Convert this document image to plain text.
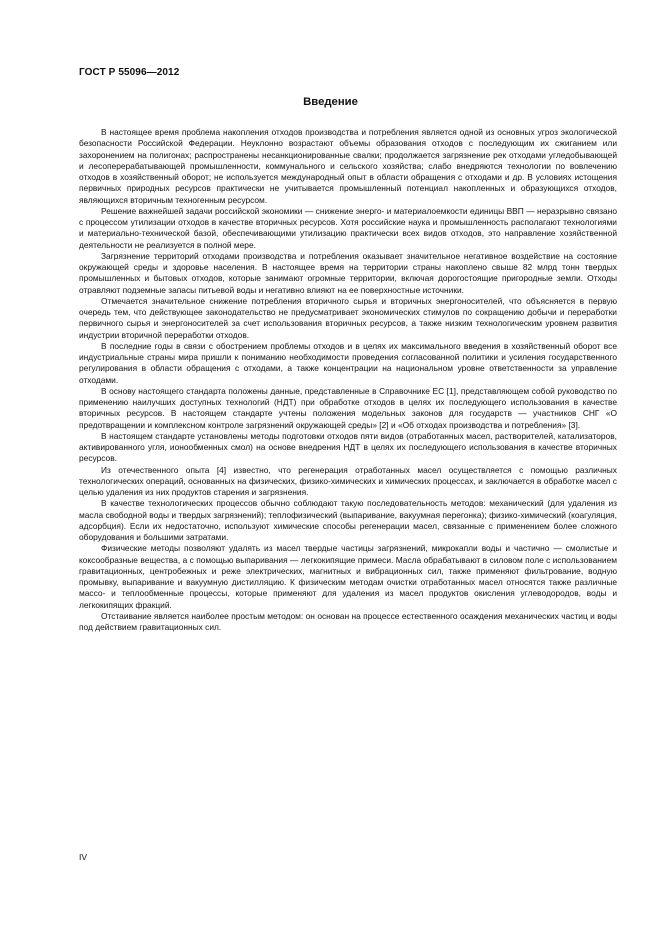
ГОСТ Р 55096—2012
Введение

В настоящее время проблема накопления отходов производства и потребления является одной из основных угроз экологической безопасности Российской Федерации. Неуклонно возрастают объемы образования отходов с последующим их сжиганием или захоронением на полигонах; распространены несанкционированные свалки; продолжается загрязнение рек отходами угледобывающей и лесоперерабатывающей промышленности, коммунального и сельского хозяйства; слабо внедряются технологии по вовлечению отходов в хозяйственный оборот; не используется международный опыт в области обращения с отходами и др. В условиях истощения первичных природных ресурсов практически не учитывается промышленный потенциал накопленных и образующихся отходов, являющихся вторичным техногенным ресурсом.

Решение важнейшей задачи российской экономики — снижение энерго- и материалоемкости единицы ВВП — неразрывно связано с процессом утилизации отходов в качестве вторичных ресурсов. Хотя российские наука и промышленность располагают технологиями и материально-технической базой, обеспечивающими утилизацию практически всех видов отходов, это направление хозяйственной деятельности не реализуется в полной мере.

Загрязнение территорий отходами производства и потребления оказывает значительное негативное воздействие на состояние окружающей среды и здоровье населения. В настоящее время на территории страны накоплено свыше 82 млрд тонн твердых промышленных и бытовых отходов, которые занимают огромные территории, включая дорогостоящие пригородные земли. Отходы отравляют подземные запасы питьевой воды и негативно влияют на ее поверхностные источники.

Отмечается значительное снижение потребления вторичного сырья и вторичных энергоносителей, что объясняется в первую очередь тем, что действующее законодательство не предусматривает экономических стимулов по сокращению добычи и переработки первичного сырья и энергоносителей за счет использования вторичных ресурсов, а также низким технологическим уровнем развития индустрии вторичной переработки отходов.

В последние годы в связи с обострением проблемы отходов и в целях их максимального введения в хозяйственный оборот все индустриальные страны мира пришли к пониманию необходимости проведения согласованной политики и усиления государственного регулирования в области обращения с отходами, а также концентрации на национальном уровне ответственности за управление отходами.

В основу настоящего стандарта положены данные, представленные в Справочнике ЕС [1], представляющем собой руководство по применению наилучших доступных технологий (НДТ) при обработке отходов в целях их последующего использования в качестве вторичных ресурсов. В настоящем стандарте учтены положения модельных законов для государств — участников СНГ «О предотвращении и комплексном контроле загрязнений окружающей среды» [2] и «Об отходах производства и потребления» [3].

В настоящем стандарте установлены методы подготовки отходов пяти видов (отработанных масел, растворителей, катализаторов, активированного угля, ионообменных смол) на основе внедрения НДТ в целях их последующего использования в качестве вторичных ресурсов.

Из отечественного опыта [4] известно, что регенерация отработанных масел осуществляется с помощью различных технологических операций, основанных на физических, физико-химических и химических процессах, и заключается в обработке масел с целью удаления из них продуктов старения и загрязнения.

В качестве технологических процессов обычно соблюдают такую последовательность методов: механический (для удаления из масла свободной воды и твердых загрязнений); теплофизический (выпаривание, вакуумная перегонка); физико-химический (коагуляция, адсорбция). Если их недостаточно, используют химические способы регенерации масел, связанные с применением более сложного оборудования и большими затратами.

Физические методы позволяют удалять из масел твердые частицы загрязнений, микрокапли воды и частично — смолистые и коксообразные вещества, а с помощью выпаривания — легкокипящие примеси. Масла обрабатывают в силовом поле с использованием гравитационных, центробежных и реже электрических, магнитных и вибрационных сил, также применяют фильтрование, водную промывку, выпаривание и вакуумную дистилляцию. К физическим методам очистки отработанных масел относятся также различные массо- и теплообменные процессы, которые применяют для удаления из масел продуктов окисления углеводородов, воды и легкокипящих фракций.

Отстаивание является наиболее простым методом: он основан на процессе естественного осаждения механических частиц и воды под действием гравитационных сил.

IV
